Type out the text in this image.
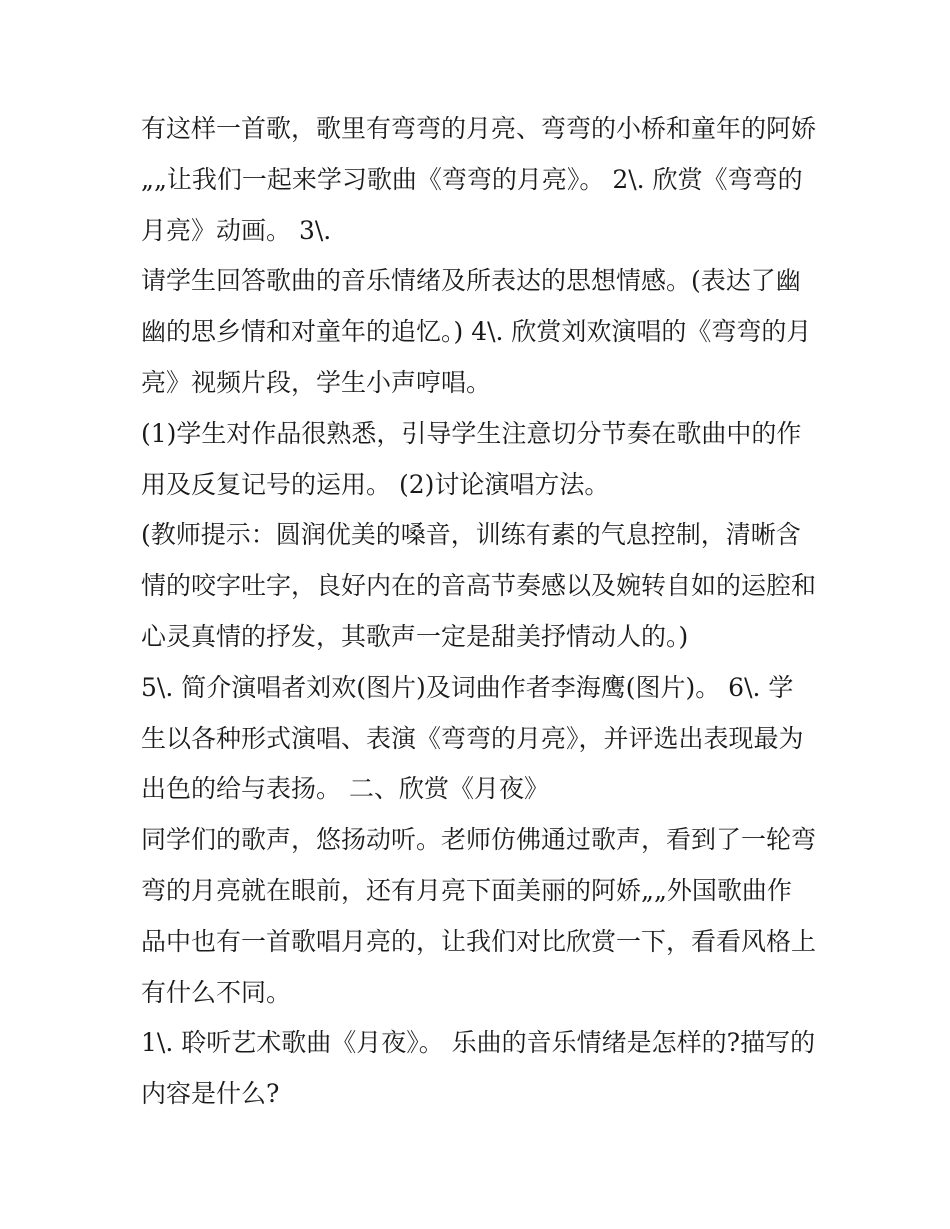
有这样一首歌，歌里有弯弯的月亮、弯弯的小桥和童年的阿娇„„让我们一起来学习歌曲《弯弯的月亮》。 2\. 欣赏《弯弯的月亮》动画。 3\.

请学生回答歌曲的音乐情绪及所表达的思想情感。(表达了幽幽的思乡情和对童年的追忆。) 4\. 欣赏刘欢演唱的《弯弯的月亮》视频片段，学生小声哼唱。

(1)学生对作品很熟悉，引导学生注意切分节奏在歌曲中的作用及反复记号的运用。 (2)讨论演唱方法。

(教师提示：圆润优美的嗓音，训练有素的气息控制，清晰含情的咬字吐字，良好内在的音高节奏感以及婉转自如的运腔和心灵真情的抒发，其歌声一定是甜美抒情动人的。)

5\. 简介演唱者刘欢(图片)及词曲作者李海鹰(图片)。 6\. 学生以各种形式演唱、表演《弯弯的月亮》，并评选出表现最为出色的给与表扬。 二、欣赏《月夜》

同学们的歌声，悠扬动听。老师仿佛通过歌声，看到了一轮弯弯的月亮就在眼前，还有月亮下面美丽的阿娇„„外国歌曲作品中也有一首歌唱月亮的，让我们对比欣赏一下，看看风格上有什么不同。

1\. 聆听艺术歌曲《月夜》。 乐曲的音乐情绪是怎样的?描写的内容是什么?
